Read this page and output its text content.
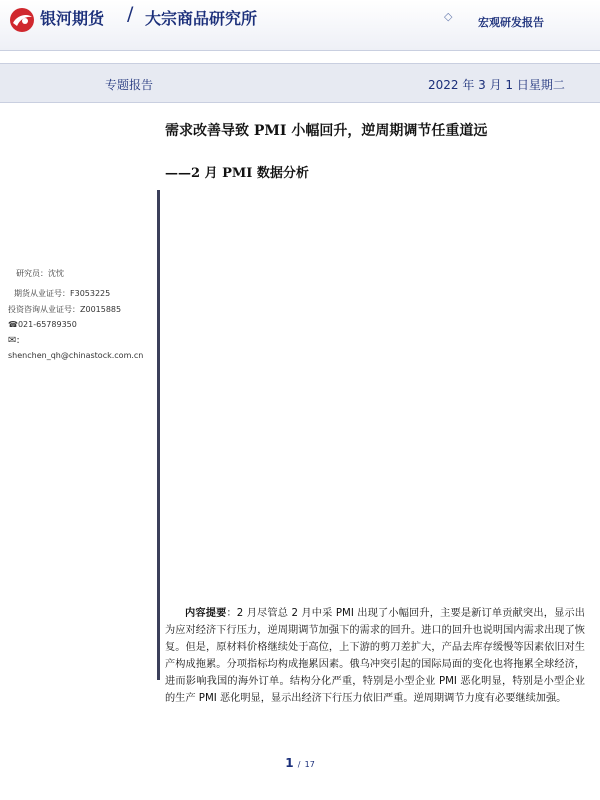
银河期货 / 大宗商品研究所	◇ 宏观研发报告
专题报告	2022 年 3 月 1 日星期二
需求改善导致 PMI 小幅回升，逆周期调节任重道远
——2 月 PMI 数据分析
研究员：沈忱
期货从业证号：F3053225
投资咨询从业证号：Z0015885
☎021-65789350
✉:
shenchen_qh@chinastock.com.cn
内容提要：2 月尽管总 2 月中采 PMI 出现了小幅回升，主要是新订单贡献突出，显示出为应对经济下行压力，逆周期调节加强下的需求的回升。进口的回升也说明国内需求出现了恢复。但是，原材料价格继续处于高位，上下游的剪刀差扩大，产品去库存缓慢等因素依旧对生产构成拖累。分项指标均构成拖累因素。俄乌冲突引起的国际局面的变化也将拖累全球经济，进而影响我国的海外订单。结构分化严重，特别是小型企业 PMI 恶化明显，特别是小型企业的生产 PMI 恶化明显，显示出经济下行压力依旧严重。逆周期调节力度有必要继续加强。
1 / 17
